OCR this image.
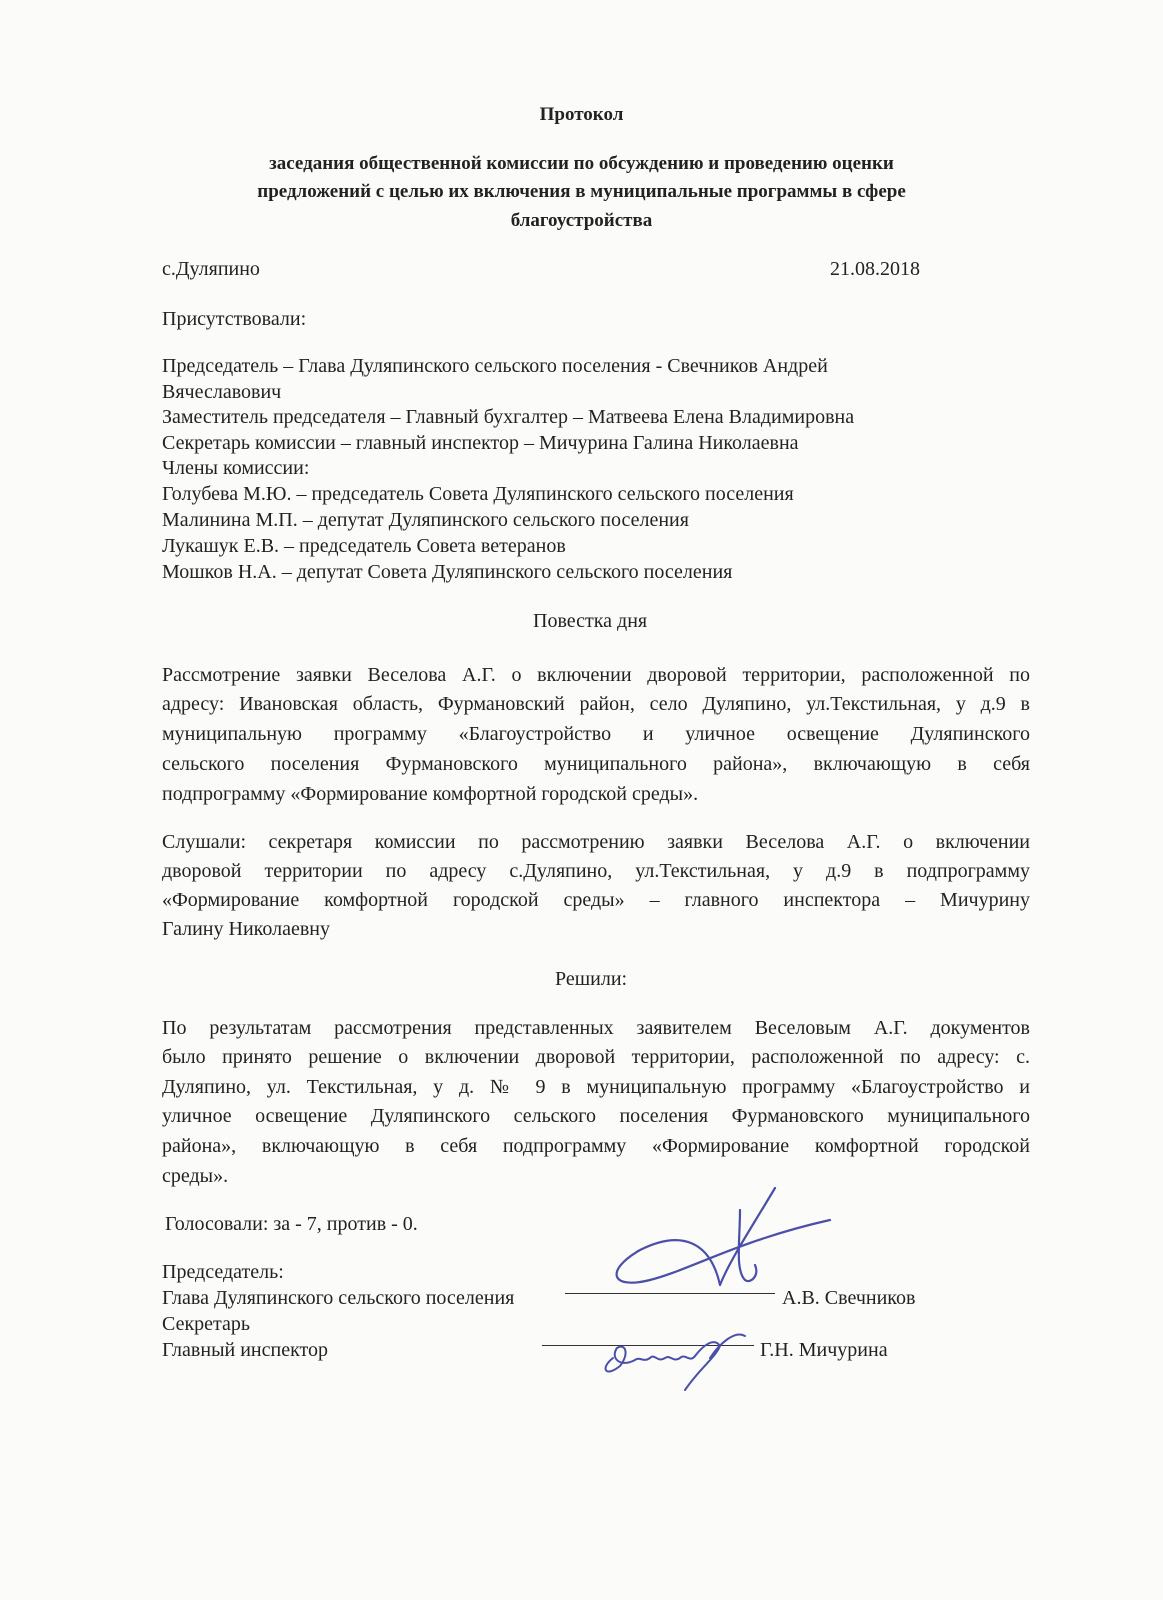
Протокол
заседания общественной комиссии по обсуждению и проведению оценки
предложений с целью их включения в муниципальные программы в сфере
благоустройства
с.Дуляпино	21.08.2018
Присутствовали:
Председатель – Глава Дуляпинского сельского поселения - Свечников Андрей
Вячеславович
Заместитель председателя – Главный бухгалтер – Матвеева Елена Владимировна
Секретарь комиссии – главный инспектор – Мичурина Галина Николаевна
Члены комиссии:
Голубева М.Ю. – председатель Совета Дуляпинского сельского поселения
Малинина М.П. – депутат Дуляпинского сельского поселения
Лукашук Е.В. – председатель Совета ветеранов
Мошков Н.А. – депутат Совета Дуляпинского сельского поселения
Повестка дня
Рассмотрение заявки Веселова А.Г. о включении дворовой территории, расположенной по
адресу: Ивановская область, Фурмановский район, село Дуляпино, ул.Текстильная, у д.9 в
муниципальную программу «Благоустройство и уличное освещение Дуляпинского
сельского поселения Фурмановского муниципального района», включающую в себя
подпрограмму «Формирование комфортной городской среды».
Слушали: секретаря комиссии по рассмотрению заявки Веселова А.Г. о включении
дворовой территории по адресу с.Дуляпино, ул.Текстильная, у д.9 в подпрограмму
«Формирование комфортной городской среды» – главного инспектора – Мичурину
Галину Николаевну
Решили:
По результатам рассмотрения представленных заявителем Веселовым А.Г. документов
было принято решение о включении дворовой территории, расположенной по адресу: с.
Дуляпино, ул. Текстильная, у д. № 9 в муниципальную программу «Благоустройство и
уличное освещение Дуляпинского сельского поселения Фурмановского муниципального
района», включающую в себя подпрограмму «Формирование комфортной городской
среды».
Голосовали: за - 7, против - 0.
Председатель:
Глава Дуляпинского сельского поселения	А.В. Свечников
Секретарь
Главный инспектор	Г.Н. Мичурина
